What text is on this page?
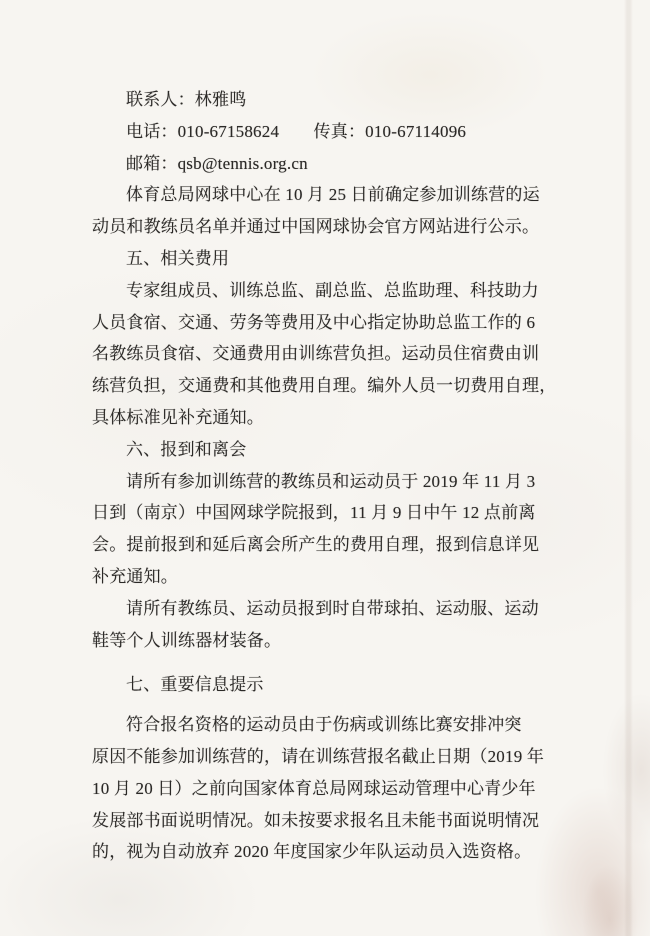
联系人：林雅鸣
电话：010-67158624　　传真：010-67114096
邮箱：qsb@tennis.org.cn
体育总局网球中心在 10 月 25 日前确定参加训练营的运
动员和教练员名单并通过中国网球协会官方网站进行公示。
五、相关费用
专家组成员、训练总监、副总监、总监助理、科技助力
人员食宿、交通、劳务等费用及中心指定协助总监工作的 6
名教练员食宿、交通费用由训练营负担。运动员住宿费由训
练营负担，交通费和其他费用自理。编外人员一切费用自理，
具体标准见补充通知。
六、报到和离会
请所有参加训练营的教练员和运动员于 2019 年 11 月 3
日到（南京）中国网球学院报到，11 月 9 日中午 12 点前离
会。提前报到和延后离会所产生的费用自理，报到信息详见
补充通知。
请所有教练员、运动员报到时自带球拍、运动服、运动
鞋等个人训练器材装备。
七、重要信息提示
符合报名资格的运动员由于伤病或训练比赛安排冲突
原因不能参加训练营的，请在训练营报名截止日期（2019 年
10 月 20 日）之前向国家体育总局网球运动管理中心青少年
发展部书面说明情况。如未按要求报名且未能书面说明情况
的，视为自动放弃 2020 年度国家少年队运动员入选资格。
